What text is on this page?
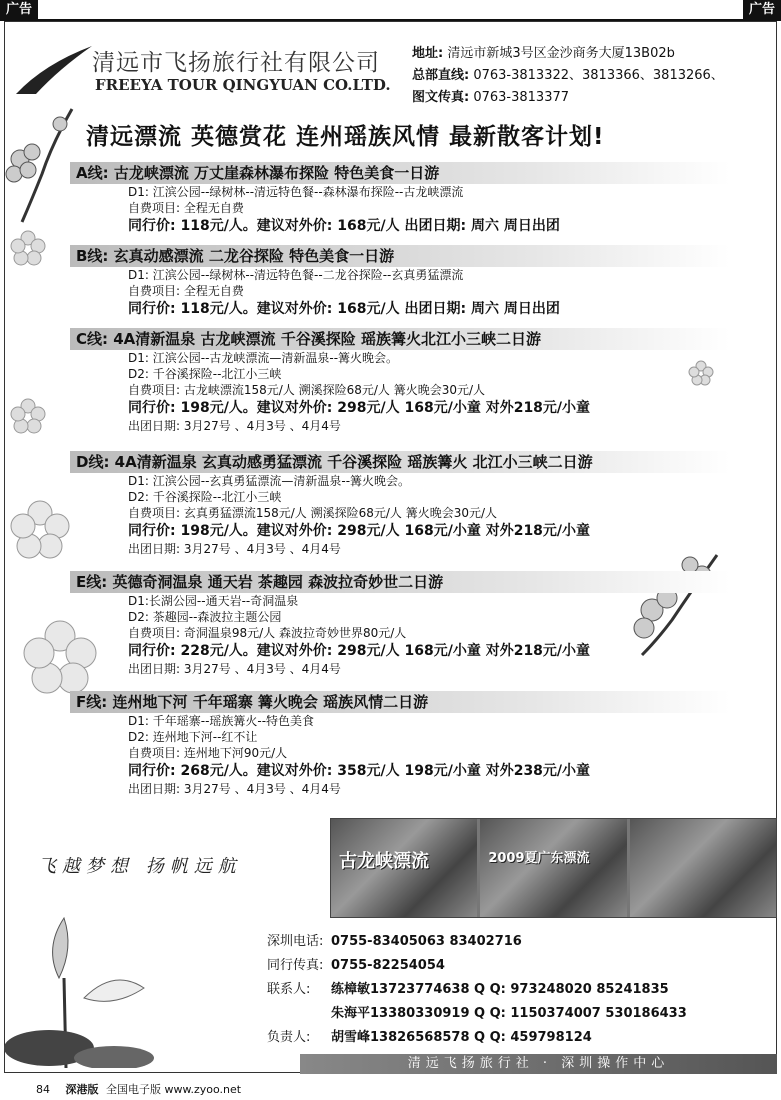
广告	广告
清远市飞扬旅行社有限公司
FREEYA TOUR QINGYUAN CO.LTD.
地址: 清远市新城3号区金沙商务大厦13B02b
总部直线: 0763-3813322、3813366、3813266、
图文传真: 0763-3813377
清远漂流 英德赏花 连州瑶族风情 最新散客计划!
A线: 古龙峡漂流 万丈崖森林瀑布探险 特色美食一日游
D1: 江滨公园--绿树林--清远特色餐--森林瀑布探险--古龙峡漂流
自费项目: 全程无自费
同行价: 118元/人。建议对外价: 168元/人 出团日期: 周六 周日出团
B线: 玄真动感漂流 二龙谷探险 特色美食一日游
D1: 江滨公园--绿树林--清远特色餐--二龙谷探险--玄真勇猛漂流
自费项目: 全程无自费
同行价: 118元/人。建议对外价: 168元/人 出团日期: 周六 周日出团
C线: 4A清新温泉 古龙峡漂流 千谷溪探险 瑶族篝火北江小三峡二日游
D1: 江滨公园--古龙峡漂流—清新温泉--篝火晚会。
D2: 千谷溪探险--北江小三峡
自费项目: 古龙峡漂流158元/人 溯溪探险68元/人 篝火晚会30元/人
同行价: 198元/人。建议对外价: 298元/人 168元/小童 对外218元/小童
出团日期: 3月27号 、4月3号 、4月4号
D线: 4A清新温泉 玄真动感勇猛漂流 千谷溪探险 瑶族篝火 北江小三峡二日游
D1: 江滨公园--玄真勇猛漂流—清新温泉--篝火晚会。
D2: 千谷溪探险--北江小三峡
自费项目: 玄真勇猛漂流158元/人 溯溪探险68元/人 篝火晚会30元/人
同行价: 198元/人。建议对外价: 298元/人 168元/小童 对外218元/小童
出团日期: 3月27号 、4月3号 、4月4号
E线: 英德奇洞温泉 通天岩 茶趣园 森波拉奇妙世二日游
D1:长湖公园--通天岩--奇洞温泉
D2: 茶趣园--森波拉主题公园
自费项目: 奇洞温泉98元/人 森波拉奇妙世界80元/人
同行价: 228元/人。建议对外价: 298元/人 168元/小童 对外218元/小童
出团日期: 3月27号 、4月3号 、4月4号
F线: 连州地下河 千年瑶寨 篝火晚会 瑶族风情二日游
D1: 千年瑶寨--瑶族篝火--特色美食
D2: 连州地下河--红不让
自费项目: 连州地下河90元/人
同行价: 268元/人。建议对外价: 358元/人 198元/小童 对外238元/小童
出团日期: 3月27号 、4月3号 、4月4号
古龙峡漂流	2009夏广东漂流
飞越梦想 扬帆远航
深圳电话: 0755-83405063 83402716
同行传真: 0755-82254054
联系人: 练樟敏13723774638 Q Q: 973248020 85241835
朱海平13380330919 Q Q: 1150374007 530186433
负责人: 胡雪峰13826568578 Q Q: 459798124
清远飞扬旅行社 · 深圳操作中心
84 深港版 全国电子版 www.zyoo.net
